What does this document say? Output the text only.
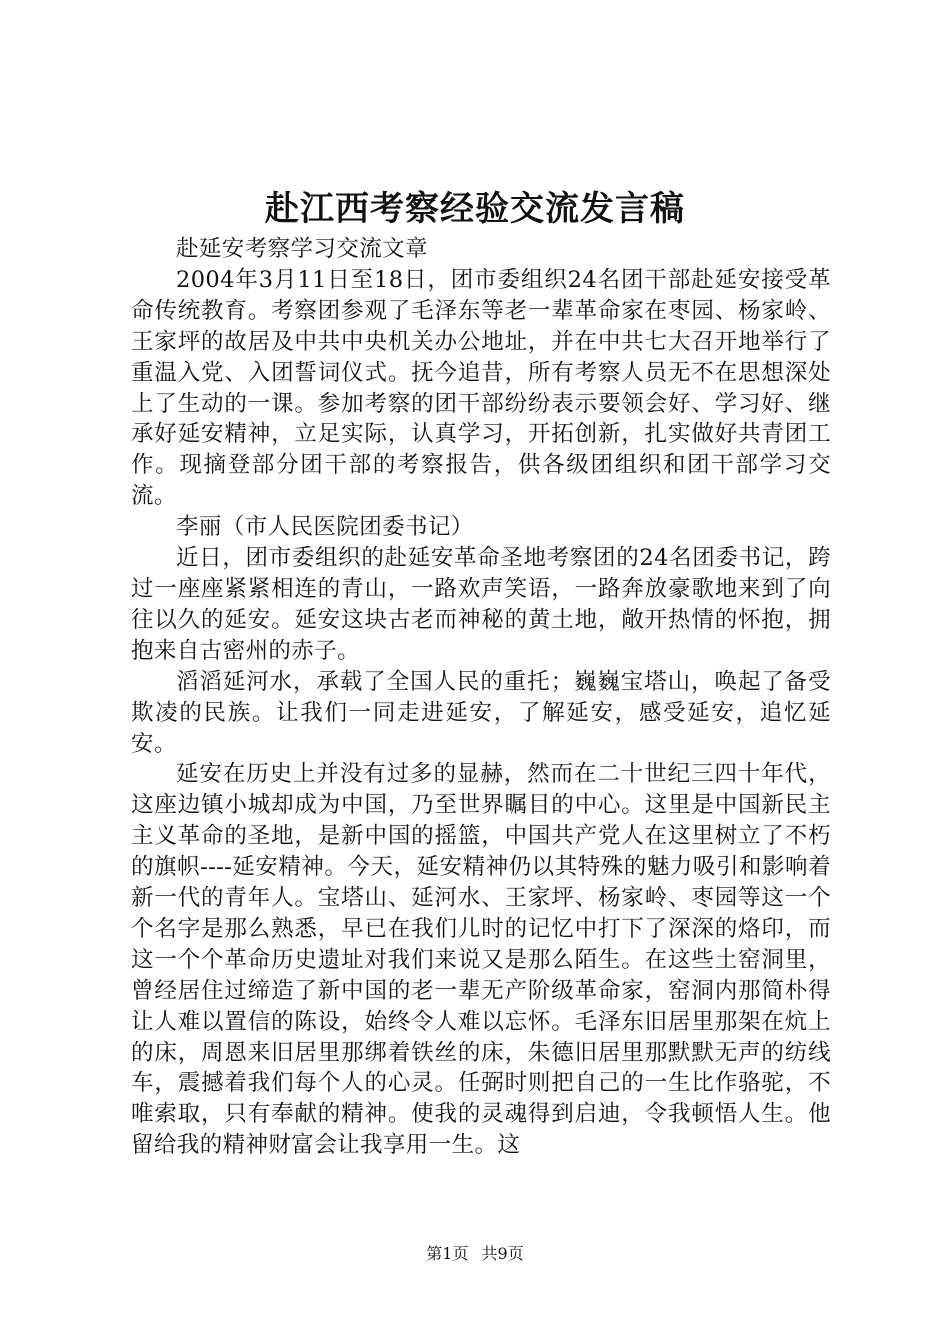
赴江西考察经验交流发言稿

赴延安考察学习交流文章

2004年3月11日至18日，团市委组织24名团干部赴延安接受革命传统教育。考察团参观了毛泽东等老一辈革命家在枣园、杨家岭、王家坪的故居及中共中央机关办公地址，并在中共七大召开地举行了重温入党、入团誓词仪式。抚今追昔，所有考察人员无不在思想深处上了生动的一课。参加考察的团干部纷纷表示要领会好、学习好、继承好延安精神，立足实际，认真学习，开拓创新，扎实做好共青团工作。现摘登部分团干部的考察报告，供各级团组织和团干部学习交流。

李丽（市人民医院团委书记）

近日，团市委组织的赴延安革命圣地考察团的24名团委书记，跨过一座座紧紧相连的青山，一路欢声笑语，一路奔放豪歌地来到了向往以久的延安。延安这块古老而神秘的黄土地，敞开热情的怀抱，拥抱来自古密州的赤子。

滔滔延河水，承载了全国人民的重托；巍巍宝塔山，唤起了备受欺凌的民族。让我们一同走进延安，了解延安，感受延安，追忆延安。

延安在历史上并没有过多的显赫，然而在二十世纪三四十年代，这座边镇小城却成为中国，乃至世界瞩目的中心。这里是中国新民主主义革命的圣地，是新中国的摇篮，中国共产党人在这里树立了不朽的旗帜----延安精神。今天，延安精神仍以其特殊的魅力吸引和影响着新一代的青年人。宝塔山、延河水、王家坪、杨家岭、枣园等这一个个名字是那么熟悉，早已在我们儿时的记忆中打下了深深的烙印，而这一个个革命历史遗址对我们来说又是那么陌生。在这些土窑洞里，曾经居住过缔造了新中国的老一辈无产阶级革命家，窑洞内那简朴得让人难以置信的陈设，始终令人难以忘怀。毛泽东旧居里那架在炕上的床，周恩来旧居里那绑着铁丝的床，朱德旧居里那默默无声的纺线车，震撼着我们每个人的心灵。任弼时则把自己的一生比作骆驼，不唯索取，只有奉献的精神。使我的灵魂得到启迪，令我顿悟人生。他留给我的精神财富会让我享用一生。这

第1页 共9页
